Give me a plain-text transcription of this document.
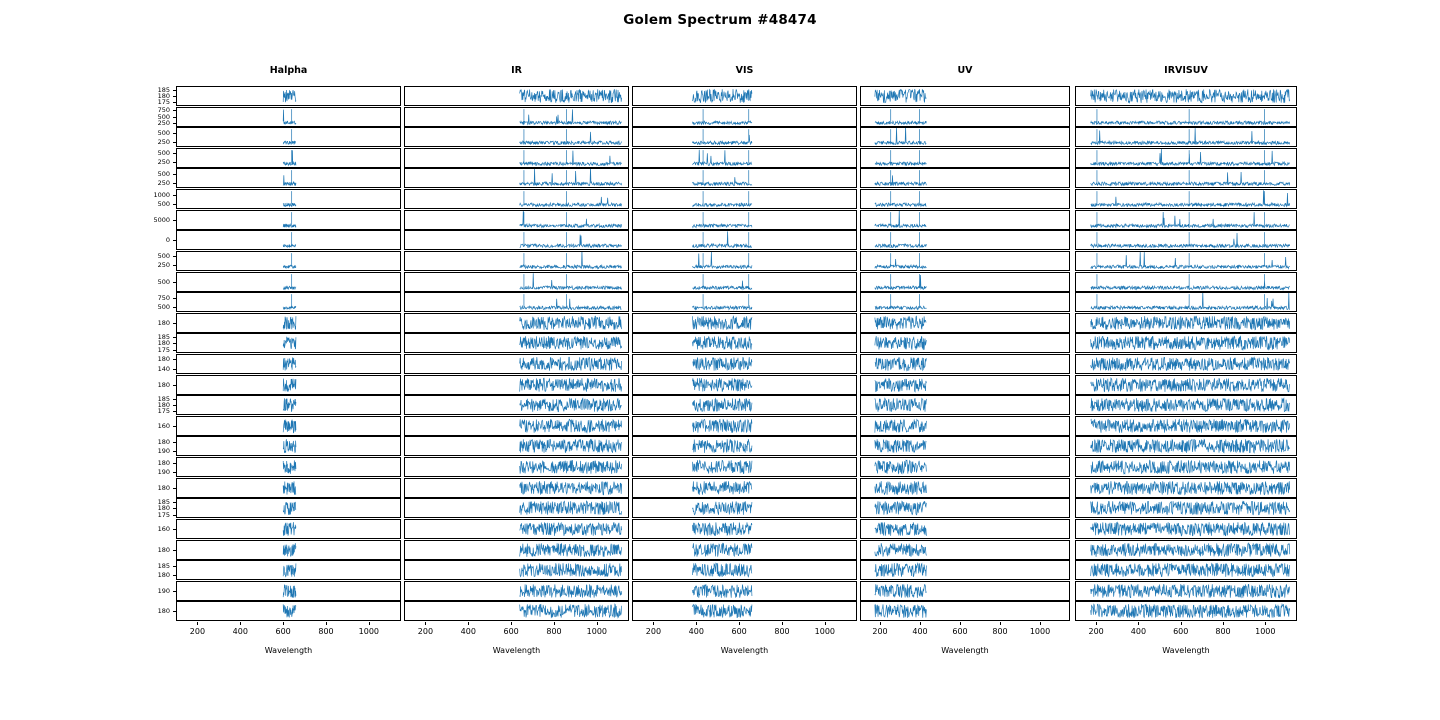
Golem Spectrum #48474
Halpha	IR	VIS	UV	IRVISUV
185
180
175
750
500
250
500
250
500
250
500
250
1000
500
5000
0
500
250
500
750
500
180
185
180
175
180
140
180
185
180
175
160
180
190
180
190
180
185
180
175
160
180
185
180
190
180
200	400	600	800	1000
Wavelength
200	400	600	800	1000
Wavelength
200	400	600	800	1000
Wavelength
200	400	600	800	1000
Wavelength
200	400	600	800	1000
Wavelength
